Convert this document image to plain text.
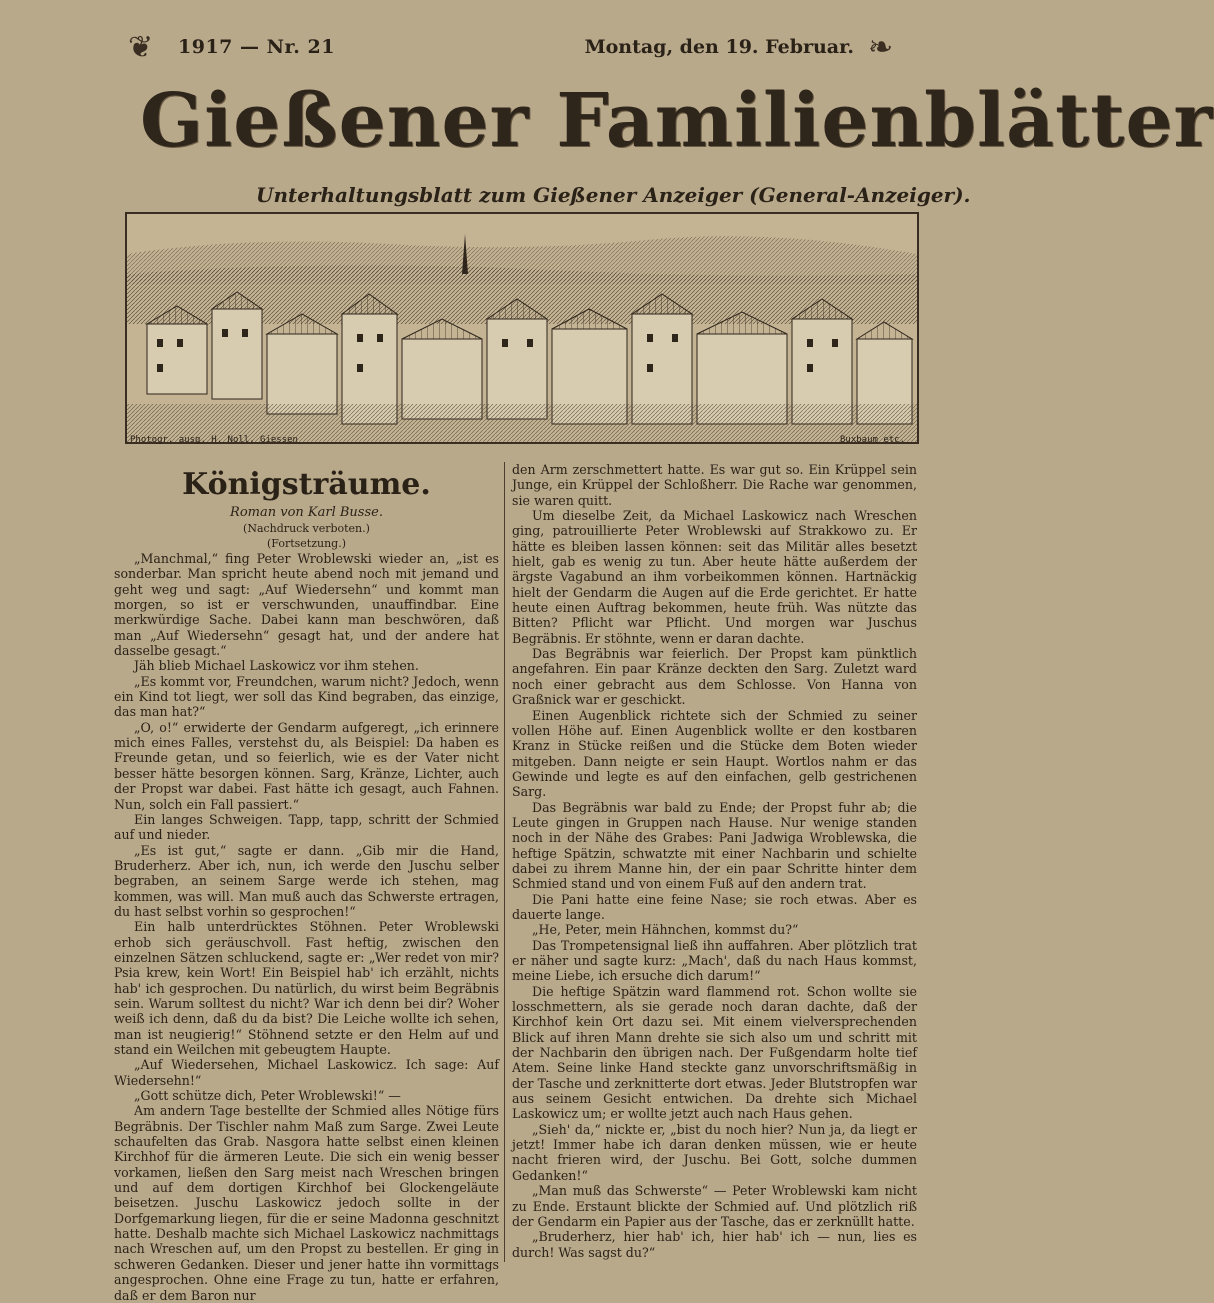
❦	❧
1917 — Nr. 21	Montag, den 19. Februar.
Gießener Familienblätter
Unterhaltungsblatt zum Gießener Anzeiger (General-Anzeiger).
Photogr. ausg. H. Noll, Giessen	Buxbaum etc.
Königsträume.
Roman von Karl Busse.
(Nachdruck verboten.)
(Fortsetzung.)

„Manchmal,“ fing Peter Wroblewski wieder an, „ist es sonderbar. Man spricht heute abend noch mit jemand und geht weg und sagt: „Auf Wiedersehn“ und kommt man morgen, so ist er verschwunden, unauffindbar. Eine merkwürdige Sache. Dabei kann man beschwören, daß man „Auf Wiedersehn“ gesagt hat, und der andere hat dasselbe gesagt.“

Jäh blieb Michael Laskowicz vor ihm stehen.

„Es kommt vor, Freundchen, warum nicht? Jedoch, wenn ein Kind tot liegt, wer soll das Kind begraben, das einzige, das man hat?“

„O, o!“ erwiderte der Gendarm aufgeregt, „ich erinnere mich eines Falles, verstehst du, als Beispiel: Da haben es Freunde getan, und so feierlich, wie es der Vater nicht besser hätte besorgen können. Sarg, Kränze, Lichter, auch der Propst war dabei. Fast hätte ich gesagt, auch Fahnen. Nun, solch ein Fall passiert.“

Ein langes Schweigen. Tapp, tapp, schritt der Schmied auf und nieder.

„Es ist gut,“ sagte er dann. „Gib mir die Hand, Bruderherz. Aber ich, nun, ich werde den Juschu selber begraben, an seinem Sarge werde ich stehen, mag kommen, was will. Man muß auch das Schwerste ertragen, du hast selbst vorhin so gesprochen!“

Ein halb unterdrücktes Stöhnen. Peter Wroblewski erhob sich geräuschvoll. Fast heftig, zwischen den einzelnen Sätzen schluckend, sagte er: „Wer redet von mir? Psia krew, kein Wort! Ein Beispiel hab' ich erzählt, nichts hab' ich gesprochen. Du natürlich, du wirst beim Begräbnis sein. Warum solltest du nicht? War ich denn bei dir? Woher weiß ich denn, daß du da bist? Die Leiche wollte ich sehen, man ist neugierig!“ Stöhnend setzte er den Helm auf und stand ein Weilchen mit gebeugtem Haupte.

„Auf Wiedersehen, Michael Laskowicz. Ich sage: Auf Wiedersehn!“

„Gott schütze dich, Peter Wroblewski!“ —

Am andern Tage bestellte der Schmied alles Nötige fürs Begräbnis. Der Tischler nahm Maß zum Sarge. Zwei Leute schaufelten das Grab. Nasgora hatte selbst einen kleinen Kirchhof für die ärmeren Leute. Die sich ein wenig besser vorkamen, ließen den Sarg meist nach Wreschen bringen und auf dem dortigen Kirchhof bei Glockengeläute beisetzen. Juschu Laskowicz jedoch sollte in der Dorfgemarkung liegen, für die er seine Madonna geschnitzt hatte. Deshalb machte sich Michael Laskowicz nachmittags nach Wreschen auf, um den Propst zu bestellen. Er ging in schweren Gedanken. Dieser und jener hatte ihn vormittags angesprochen. Ohne eine Frage zu tun, hatte er erfahren, daß er dem Baron nur

den Arm zerschmettert hatte. Es war gut so. Ein Krüppel sein Junge, ein Krüppel der Schloßherr. Die Rache war genommen, sie waren quitt.

Um dieselbe Zeit, da Michael Laskowicz nach Wreschen ging, patrouillierte Peter Wroblewski auf Strakkowo zu. Er hätte es bleiben lassen können: seit das Militär alles besetzt hielt, gab es wenig zu tun. Aber heute hätte außerdem der ärgste Vagabund an ihm vorbeikommen können. Hartnäckig hielt der Gendarm die Augen auf die Erde gerichtet. Er hatte heute einen Auftrag bekommen, heute früh. Was nützte das Bitten? Pflicht war Pflicht. Und morgen war Juschus Begräbnis. Er stöhnte, wenn er daran dachte.

Das Begräbnis war feierlich. Der Propst kam pünktlich angefahren. Ein paar Kränze deckten den Sarg. Zuletzt ward noch einer gebracht aus dem Schlosse. Von Hanna von Graßnick war er geschickt.

Einen Augenblick richtete sich der Schmied zu seiner vollen Höhe auf. Einen Augenblick wollte er den kostbaren Kranz in Stücke reißen und die Stücke dem Boten wieder mitgeben. Dann neigte er sein Haupt. Wortlos nahm er das Gewinde und legte es auf den einfachen, gelb gestrichenen Sarg.

Das Begräbnis war bald zu Ende; der Propst fuhr ab; die Leute gingen in Gruppen nach Hause. Nur wenige standen noch in der Nähe des Grabes: Pani Jadwiga Wroblewska, die heftige Spätzin, schwatzte mit einer Nachbarin und schielte dabei zu ihrem Manne hin, der ein paar Schritte hinter dem Schmied stand und von einem Fuß auf den andern trat.

Die Pani hatte eine feine Nase; sie roch etwas. Aber es dauerte lange.

„He, Peter, mein Hähnchen, kommst du?“

Das Trompetensignal ließ ihn auffahren. Aber plötzlich trat er näher und sagte kurz: „Mach', daß du nach Haus kommst, meine Liebe, ich ersuche dich darum!“

Die heftige Spätzin ward flammend rot. Schon wollte sie losschmettern, als sie gerade noch daran dachte, daß der Kirchhof kein Ort dazu sei. Mit einem vielversprechenden Blick auf ihren Mann drehte sie sich also um und schritt mit der Nachbarin den übrigen nach. Der Fußgendarm holte tief Atem. Seine linke Hand steckte ganz unvorschriftsmäßig in der Tasche und zerknitterte dort etwas. Jeder Blutstropfen war aus seinem Gesicht entwichen. Da drehte sich Michael Laskowicz um; er wollte jetzt auch nach Haus gehen.

„Sieh' da,“ nickte er, „bist du noch hier? Nun ja, da liegt er jetzt! Immer habe ich daran denken müssen, wie er heute nacht frieren wird, der Juschu. Bei Gott, solche dummen Gedanken!“

„Man muß das Schwerste“ — Peter Wroblewski kam nicht zu Ende. Erstaunt blickte der Schmied auf. Und plötzlich riß der Gendarm ein Papier aus der Tasche, das er zerknüllt hatte.

„Bruderherz, hier hab' ich, hier hab' ich — nun, lies es durch! Was sagst du?“
